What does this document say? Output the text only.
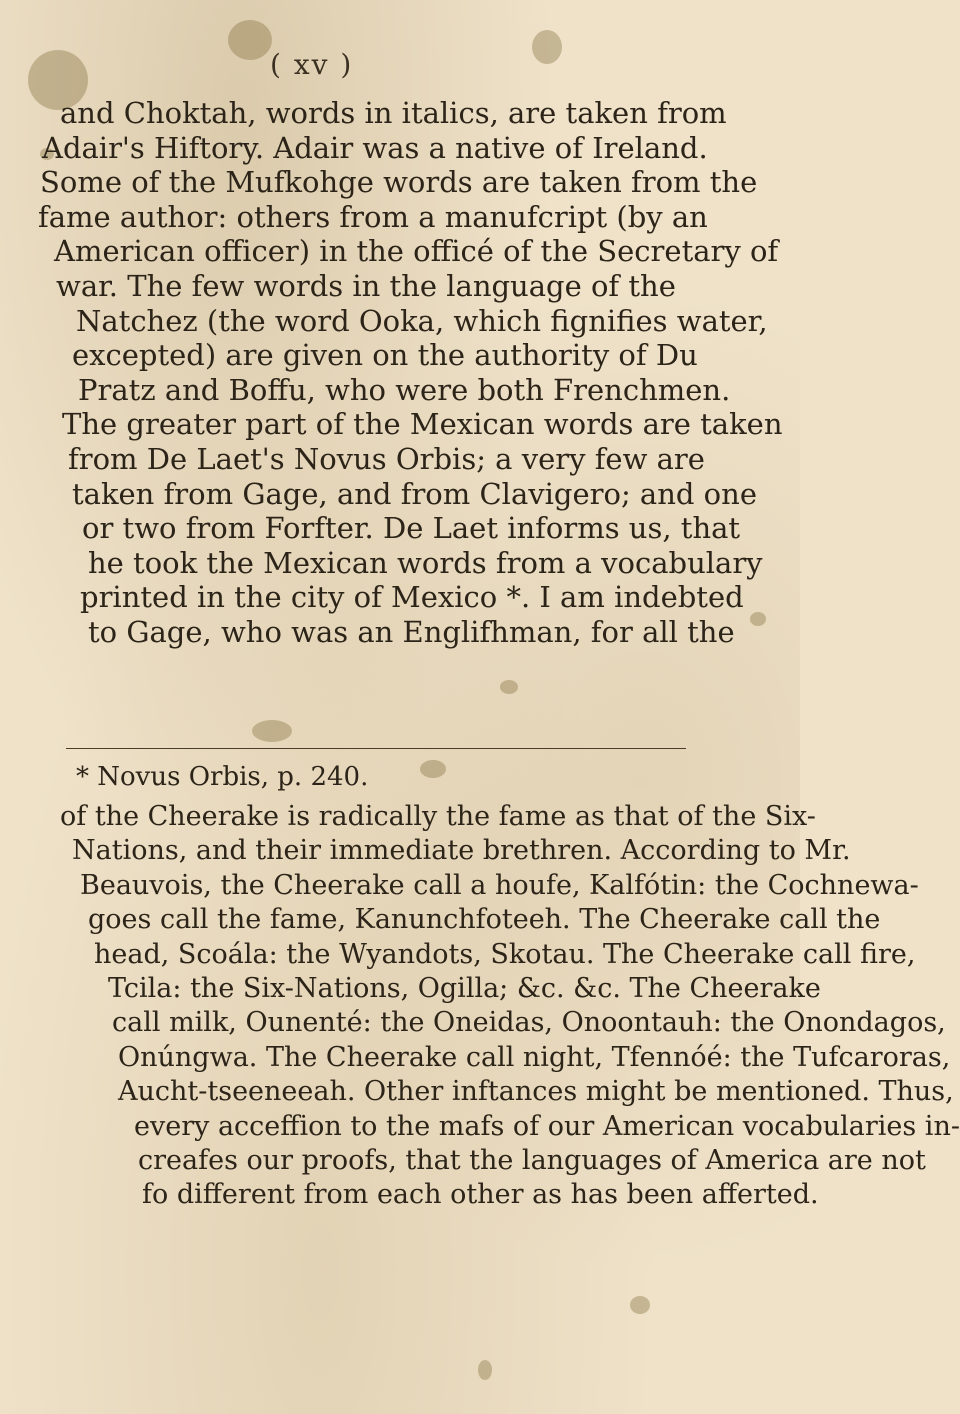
( xv )
and Choktah, words in italics, are taken from
Adair's Hiftory. Adair was a native of Ireland.
Some of the Mufkohge words are taken from the
fame author: others from a manufcript (by an
American officer) in the officé of the Secretary of
war. The few words in the language of the
Natchez (the word Ooka, which fignifies water,
excepted) are given on the authority of Du
Pratz and Boffu, who were both Frenchmen.
The greater part of the Mexican words are taken
from De Laet's Novus Orbis; a very few are
taken from Gage, and from Clavigero; and one
or two from Forfter. De Laet informs us, that
he took the Mexican words from a vocabulary
printed in the city of Mexico *. I am indebted
to Gage, who was an Englifhman, for all the
* Novus Orbis, p. 240.
of the Cheerake is radically the fame as that of the Six-
Nations, and their immediate brethren. According to Mr.
Beauvois, the Cheerake call a houfe, Kalfótin: the Cochnewa-
goes call the fame, Kanunchfoteeh. The Cheerake call the
head, Scoála: the Wyandots, Skotau. The Cheerake call fire,
Tcila: the Six-Nations, Ogilla; &c. &c. The Cheerake
call milk, Ounenté: the Oneidas, Onoontauh: the Onondagos,
Onúngwa. The Cheerake call night, Tfennóé: the Tufcaroras,
Aucht-tseeneeah. Other inftances might be mentioned. Thus,
every acceffion to the mafs of our American vocabularies in-
creafes our proofs, that the languages of America are not
fo different from each other as has been afferted.
